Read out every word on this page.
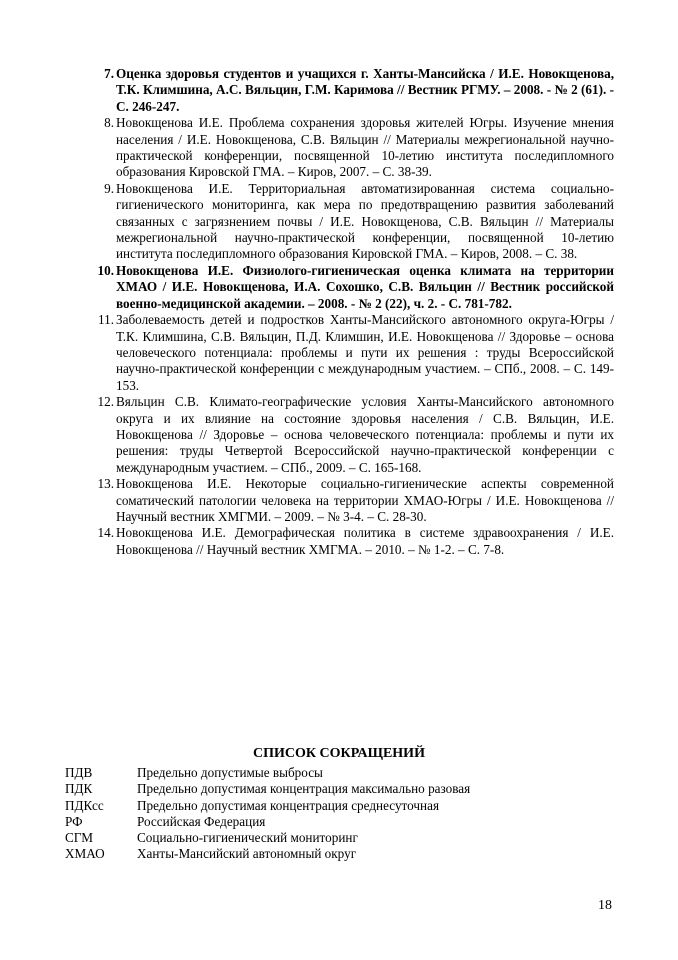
7. Оценка здоровья студентов и учащихся г. Ханты-Мансийска / И.Е. Новокщенова, Т.К. Климшина, А.С. Вяльцин, Г.М. Каримова // Вестник РГМУ. – 2008. - № 2 (61). - С. 246-247.
8. Новокщенова И.Е. Проблема сохранения здоровья жителей Югры. Изучение мнения населения / И.Е. Новокщенова, С.В. Вяльцин // Материалы межрегиональной научно-практической конференции, посвященной 10-летию института последипломного образования Кировской ГМА. – Киров, 2007. – С. 38-39.
9. Новокщенова И.Е. Территориальная автоматизированная система социально-гигиенического мониторинга, как мера по предотвращению развития заболеваний связанных с загрязнением почвы / И.Е. Новокщенова, С.В. Вяльцин // Материалы межрегиональной научно-практической конференции, посвященной 10-летию института последипломного образования Кировской ГМА. – Киров, 2008. – С. 38.
10. Новокщенова И.Е. Физиолого-гигиеническая оценка климата на территории ХМАО / И.Е. Новокщенова, И.А. Сохошко, С.В. Вяльцин // Вестник российской военно-медицинской академии. – 2008. - № 2 (22), ч. 2. - С. 781-782.
11. Заболеваемость детей и подростков Ханты-Мансийского автономного округа-Югры / Т.К. Климшина, С.В. Вяльцин, П.Д. Климшин, И.Е. Новокщенова // Здоровье – основа человеческого потенциала: проблемы и пути их решения : труды Всероссийской научно-практической конференции с международным участием. – СПб., 2008. – С. 149-153.
12. Вяльцин С.В. Климато-географические условия Ханты-Мансийского автономного округа и их влияние на состояние здоровья населения / С.В. Вяльцин, И.Е. Новокщенова // Здоровье – основа человеческого потенциала: проблемы и пути их решения: труды Четвертой Всероссийской научно-практической конференции с международным участием. – СПб., 2009. – С. 165-168.
13. Новокщенова И.Е. Некоторые социально-гигиенические аспекты современной соматический патологии человека на территории ХМАО-Югры / И.Е. Новокщенова // Научный вестник ХМГМИ. – 2009. – № 3-4. – С. 28-30.
14. Новокщенова И.Е. Демографическая политика в системе здравоохранения / И.Е. Новокщенова // Научный вестник ХМГМА. – 2010. – № 1-2. – С. 7-8.
СПИСОК СОКРАЩЕНИЙ
ПДВ	Предельно допустимые выбросы
ПДК	Предельно допустимая концентрация максимально разовая
ПДКсс	Предельно допустимая концентрация среднесуточная
РФ	Российская Федерация
СГМ	Социально-гигиенический мониторинг
ХМАО	Ханты-Мансийский автономный округ
18
